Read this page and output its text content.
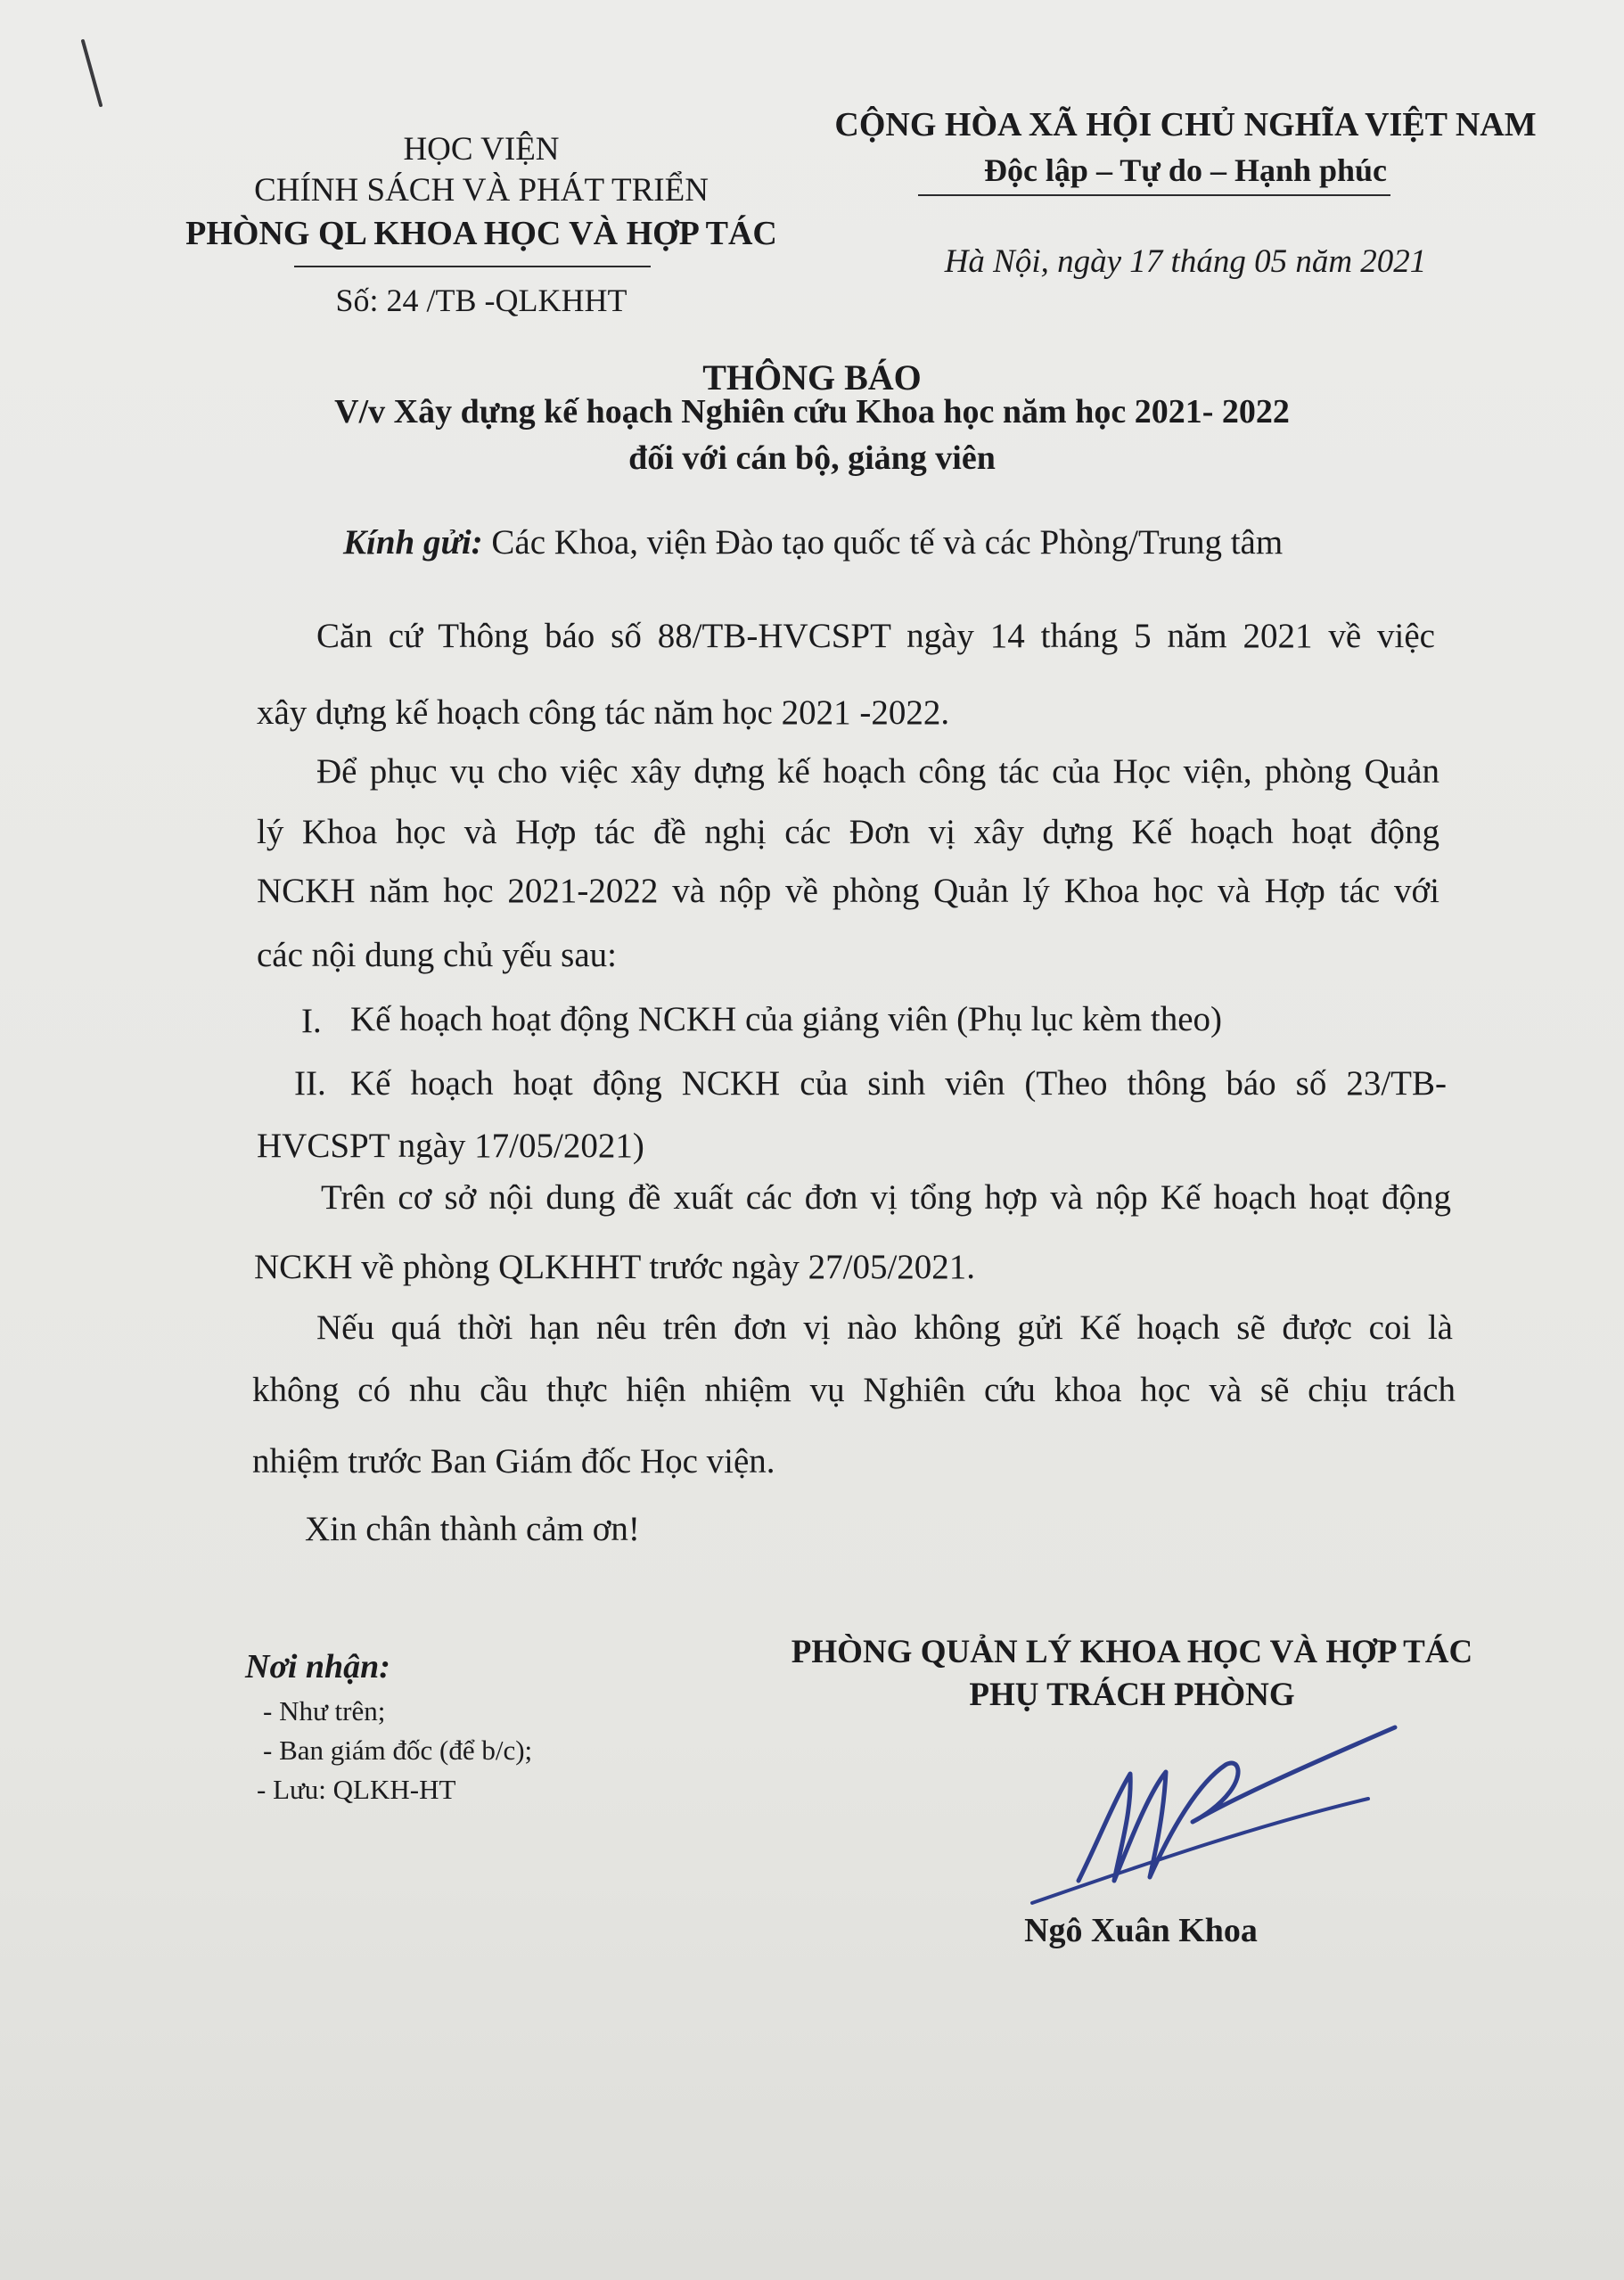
HỌC VIỆN
CHÍNH SÁCH VÀ PHÁT TRIỂN
PHÒNG QL KHOA HỌC VÀ HỢP TÁC
Số: 24 /TB -QLKHHT
CỘNG HÒA XÃ HỘI CHỦ NGHĨA VIỆT NAM
Độc lập – Tự do – Hạnh phúc
Hà Nội, ngày 17 tháng 05 năm 2021
THÔNG BÁO
V/v Xây dựng kế hoạch Nghiên cứu Khoa học năm học 2021- 2022
đối với cán bộ, giảng viên
Kính gửi: Các Khoa, viện Đào tạo quốc tế và các Phòng/Trung tâm
Căn cứ Thông báo số 88/TB-HVCSPT ngày 14 tháng 5 năm 2021 về việc
xây dựng kế hoạch công tác năm học 2021 -2022.
Để phục vụ cho việc xây dựng kế hoạch công tác của Học viện, phòng Quản
lý Khoa học và Hợp tác đề nghị các Đơn vị xây dựng Kế hoạch hoạt động
NCKH năm học 2021-2022 và nộp về phòng Quản lý Khoa học và Hợp tác với
các nội dung chủ yếu sau:
I. Kế hoạch hoạt động NCKH của giảng viên (Phụ lục kèm theo)
II. Kế hoạch hoạt động NCKH của sinh viên (Theo thông báo số 23/TB-
HVCSPT ngày 17/05/2021)
Trên cơ sở nội dung đề xuất các đơn vị tổng hợp và nộp Kế hoạch hoạt động
NCKH về phòng QLKHHT trước ngày 27/05/2021.
Nếu quá thời hạn nêu trên đơn vị nào không gửi Kế hoạch sẽ được coi là
không có nhu cầu thực hiện nhiệm vụ Nghiên cứu khoa học và sẽ chịu trách
nhiệm trước Ban Giám đốc Học viện.
Xin chân thành cảm ơn!
Nơi nhận:
- Như trên;
- Ban giám đốc (để b/c);
- Lưu: QLKH-HT
PHÒNG QUẢN LÝ KHOA HỌC VÀ HỢP TÁC
PHỤ TRÁCH PHÒNG
Ngô Xuân Khoa
